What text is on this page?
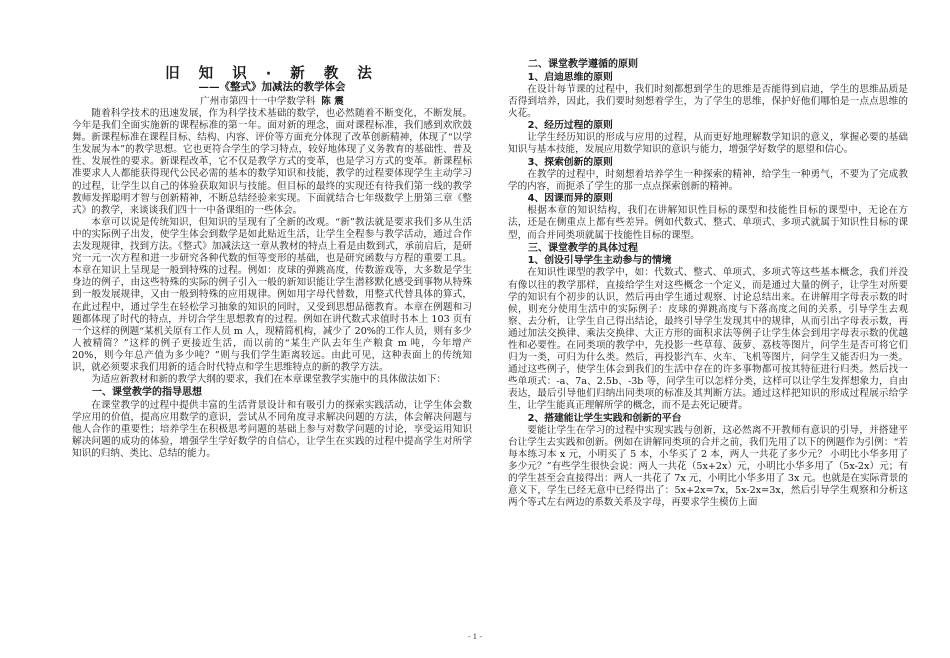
旧 知 识 · 新 教 法
——《整式》加减法的教学体会
广州市第四十一中学数学科 陈 震

随着科学技术的迅速发展，作为科学技术基础的数学，也必然随着不断变化，不断发展。今年是我们全面实施新的课程标准的第一年。面对新的理念，面对课程标准，我们感到欢欣鼓舞。新课程标准在课程目标、结构、内容、评价等方面充分体现了改革创新精神，体现了“以学生发展为本”的教学思想。它也更符合学生的学习特点，较好地体现了义务教育的基础性、普及性、发展性的要求。新课程改革，它不仅是教学方式的变革，也是学习方式的变革。新课程标准要求人人都能获得现代公民必需的基本的数学知识和技能，教学的过程要体现学生主动学习的过程，让学生以自己的体验获取知识与技能。但目标的最终的实现还有待我们第一线的教学教师发挥聪明才智与创新精神，不断总结经验来实现。下面就结合七年级数学上册第三章《整式》的教学，来谈谈我们四十一中备课组的一些体会。

本章可以说是传统知识，但知识的呈现有了全新的改观。“新”教法就是要求我们多从生活中的实际例子出发，使学生体会到数学是如此贴近生活，让学生全程参与教学活动，通过合作去发现规律，找到方法。《整式》加减法这一章从教材的特点上看是由数到式，承前启后，是研究一元一次方程和进一步研究各种代数的恒等变形的基础，也是研究函数与方程的重要工具。本章在知识上呈现是一般到特殊的过程。例如：皮球的弹跳高度，传数游戏等，大多数是学生身边的例子，由这些特殊的实际的例子引入一般的新知识能让学生潜移默化感受到事物从特殊到一般发展规律，又由一般到特殊的应用规律。例如用字母代替数，用整式代替具体的算式，在此过程中，通过学生在轻松学习抽象的知识的同时，又受到思想品德教育。本章在例题和习题都体现了时代的特点，并切合学生思想教育的过程。例如在讲代数式求值时书本上 103 页有一个这样的例题“某机关原有工作人员 m 人，现精简机构，减少了 20%的工作人员，则有多少人被精简？”这样的例子更接近生活，而以前的“某生产队去年生产粮食 m 吨，今年增产 20%，则今年总产值为多少吨？”则与我们学生距离较远。由此可见，这种表面上的传统知识，就必须要求我们用新的适合时代特点和学生思维特点的新的教学方法。

为适应新教材和新的教学大纲的要求，我们在本章课堂教学实施中的具体做法如下：

一、课堂教学的指导思想

在课堂教学的过程中提供丰富的生活背景设计和有吸引力的探索实践活动，让学生体会数学应用的价值，提高应用数学的意识，尝试从不同角度寻求解决问题的方法，体会解决问题与他人合作的重要性；培养学生在积极思考问题的基础上参与对数学问题的讨论，享受运用知识解决问题的成功的体验，增强学生学好数学的自信心，让学生在实践的过程中提高学生对所学知识的归纳、类比、总结的能力。

二、课堂教学遵循的原则
1、启迪思维的原则

在设计每节课的过程中，我们时刻都想到学生的思维是否能得到启迪，学生的思维品质是否得到培养，因此，我们要时刻想着学生，为了学生的思维，保护好他们哪怕是一点点思维的火花。

2、经历过程的原则

让学生经历知识的形成与应用的过程，从而更好地理解数学知识的意义，掌握必要的基础知识与基本技能，发展应用数学知识的意识与能力，增强学好数学的愿望和信心。

3、探索创新的原则

在教学的过程中，时刻想着培养学生一种探索的精神，给学生一种勇气，不要为了完成教学的内容，而扼杀了学生的那一点点探索创新的精神。

4、因课而异的原则

根据本章的知识结构，我们在讲解知识性目标的课型和技能性目标的课型中，无论在方法，还是在侧重点上都有些差异。例如代数式、整式、单项式、多项式就属于知识性目标的课型，而合并同类项就属于技能性目标的课型。

三、课堂教学的具体过程
1、创设引导学生主动参与的情境

在知识性课型的教学中，如：代数式、整式、单项式、多项式等这些基本概念，我们并没有像以往的教学那样，直接给学生对这些概念一个定义，而是通过大量的例子，让学生对所要学的知识有个初步的认识，然后再由学生通过观察、讨论总结出来。在讲解用字母表示数的时候，则充分使用生活中的实际例子：皮球的弹跳高度与下落高度之间的关系，引导学生去观察、去分析，让学生自己得出结论，最终引导学生发现其中的规律，从而引出字母表示数，再通过加法交换律、乘法交换律、大正方形的面积求法等例子让学生体会到用字母表示数的优越性和必要性。在同类项的教学中，先投影一些草莓、菠萝、荔枝等图片，问学生是否可将它们归为一类，可归为什么类。然后，再投影汽车、火车、飞机等图片，问学生又能否归为一类。通过这些例子，使学生体会到我们的生活中存在的许多事物都可按其特征进行归类。然后找一些单项式：-a、7a、2.5b、-3b 等，问学生可以怎样分类，这样可以让学生发挥想象力，自由表达，最后引导他们归纳出同类项的标准及其判断方法。通过这样把知识的形成过程展示给学生，让学生能真正理解所学的概念，而不是去死记硬背。

2、搭建能让学生实践和创新的平台

要能让学生在学习的过程中实现实践与创新，这必然离不开教师有意识的引导，并搭建平台让学生去实践和创新。例如在讲解同类项的合并之前，我们先用了以下的例题作为引例：“若每本练习本 x 元，小明买了 5 本，小华买了 2 本，两人一共花了多少元？ 小明比小华多用了多少元？”有些学生很快会说：两人一共花（5x+2x）元，小明比小华多用了（5x-2x）元；有的学生甚至会直接得出：两人一共花了 7x 元，小明比小华多用了 3x 元。也就是在实际背景的意义下，学生已经无意中已经得出了：5x+2x=7x，5x-2x=3x，然后引导学生观察和分析这两个等式左右两边的系数关系及字母，再要求学生模仿上面

- 1 -
